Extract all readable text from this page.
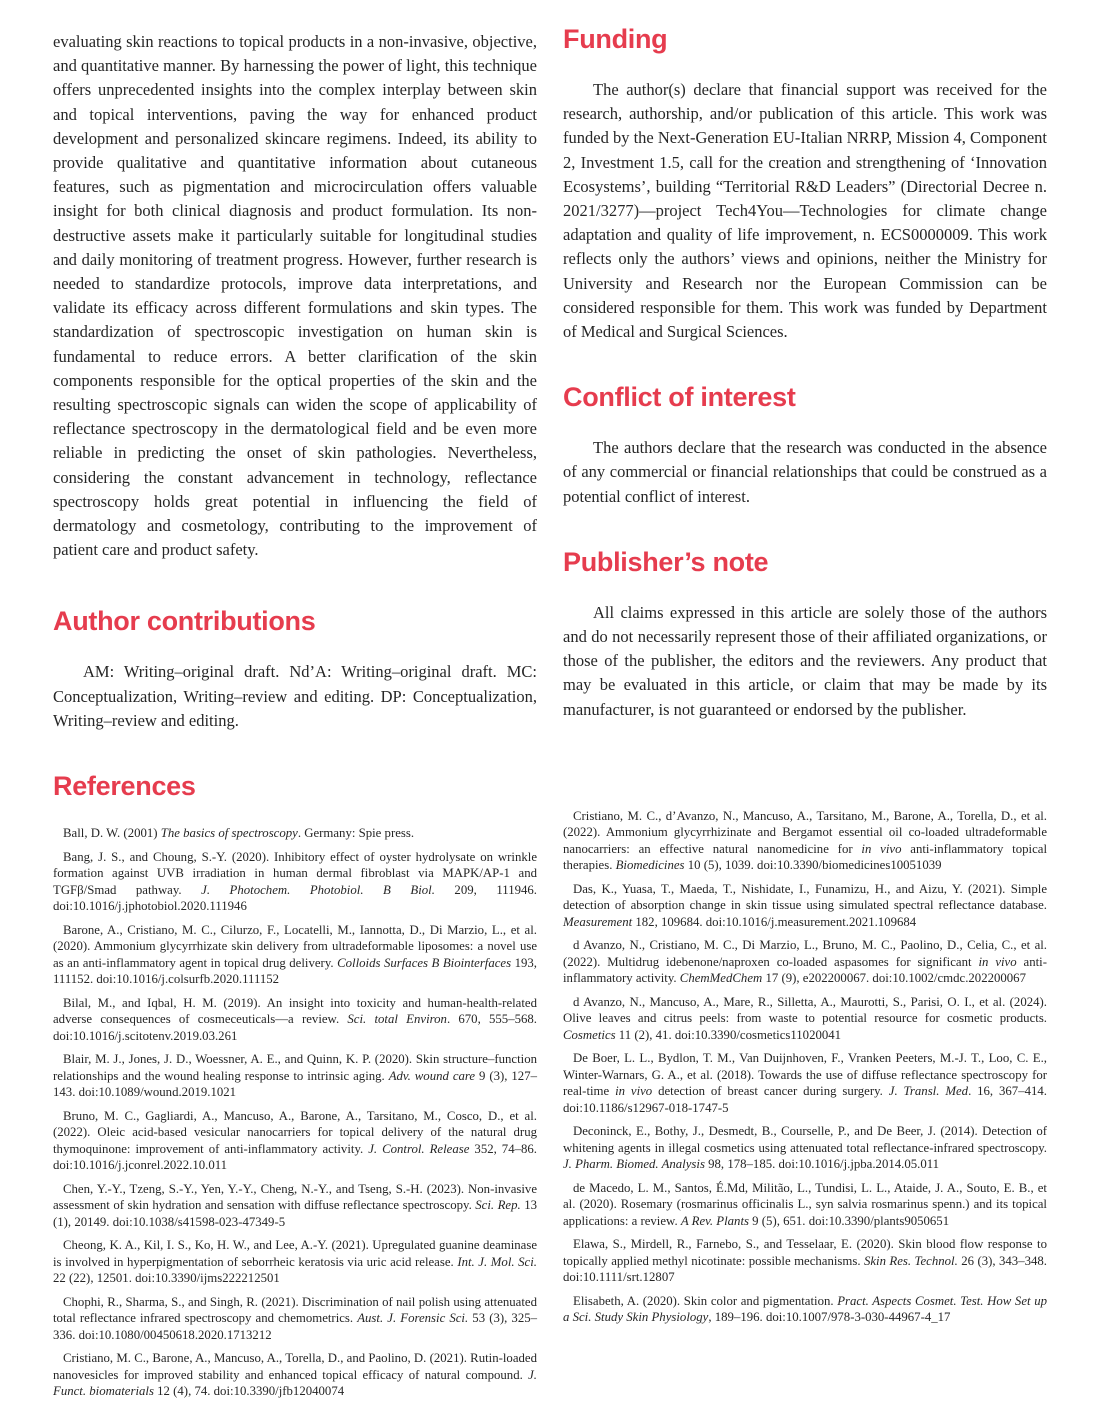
evaluating skin reactions to topical products in a non-invasive, objective, and quantitative manner. By harnessing the power of light, this technique offers unprecedented insights into the complex interplay between skin and topical interventions, paving the way for enhanced product development and personalized skincare regimens. Indeed, its ability to provide qualitative and quantitative information about cutaneous features, such as pigmentation and microcirculation offers valuable insight for both clinical diagnosis and product formulation. Its non-destructive assets make it particularly suitable for longitudinal studies and daily monitoring of treatment progress. However, further research is needed to standardize protocols, improve data interpretations, and validate its efficacy across different formulations and skin types. The standardization of spectroscopic investigation on human skin is fundamental to reduce errors. A better clarification of the skin components responsible for the optical properties of the skin and the resulting spectroscopic signals can widen the scope of applicability of reflectance spectroscopy in the dermatological field and be even more reliable in predicting the onset of skin pathologies. Nevertheless, considering the constant advancement in technology, reflectance spectroscopy holds great potential in influencing the field of dermatology and cosmetology, contributing to the improvement of patient care and product safety.

Author contributions

AM: Writing–original draft. Nd’A: Writing–original draft. MC: Conceptualization, Writing–review and editing. DP: Conceptualization, Writing–review and editing.

References

Ball, D. W. (2001) The basics of spectroscopy. Germany: Spie press.

Bang, J. S., and Choung, S.-Y. (2020). Inhibitory effect of oyster hydrolysate on wrinkle formation against UVB irradiation in human dermal fibroblast via MAPK/AP-1 and TGFβ/Smad pathway. J. Photochem. Photobiol. B Biol. 209, 111946. doi:10.1016/j.jphotobiol.2020.111946

Barone, A., Cristiano, M. C., Cilurzo, F., Locatelli, M., Iannotta, D., Di Marzio, L., et al. (2020). Ammonium glycyrrhizate skin delivery from ultradeformable liposomes: a novel use as an anti-inflammatory agent in topical drug delivery. Colloids Surfaces B Biointerfaces 193, 111152. doi:10.1016/j.colsurfb.2020.111152

Bilal, M., and Iqbal, H. M. (2019). An insight into toxicity and human-health-related adverse consequences of cosmeceuticals—a review. Sci. total Environ. 670, 555–568. doi:10.1016/j.scitotenv.2019.03.261

Blair, M. J., Jones, J. D., Woessner, A. E., and Quinn, K. P. (2020). Skin structure–function relationships and the wound healing response to intrinsic aging. Adv. wound care 9 (3), 127–143. doi:10.1089/wound.2019.1021

Bruno, M. C., Gagliardi, A., Mancuso, A., Barone, A., Tarsitano, M., Cosco, D., et al. (2022). Oleic acid-based vesicular nanocarriers for topical delivery of the natural drug thymoquinone: improvement of anti-inflammatory activity. J. Control. Release 352, 74–86. doi:10.1016/j.jconrel.2022.10.011

Chen, Y.-Y., Tzeng, S.-Y., Yen, Y.-Y., Cheng, N.-Y., and Tseng, S.-H. (2023). Non-invasive assessment of skin hydration and sensation with diffuse reflectance spectroscopy. Sci. Rep. 13 (1), 20149. doi:10.1038/s41598-023-47349-5

Cheong, K. A., Kil, I. S., Ko, H. W., and Lee, A.-Y. (2021). Upregulated guanine deaminase is involved in hyperpigmentation of seborrheic keratosis via uric acid release. Int. J. Mol. Sci. 22 (22), 12501. doi:10.3390/ijms222212501

Chophi, R., Sharma, S., and Singh, R. (2021). Discrimination of nail polish using attenuated total reflectance infrared spectroscopy and chemometrics. Aust. J. Forensic Sci. 53 (3), 325–336. doi:10.1080/00450618.2020.1713212

Cristiano, M. C., Barone, A., Mancuso, A., Torella, D., and Paolino, D. (2021). Rutin-loaded nanovesicles for improved stability and enhanced topical efficacy of natural compound. J. Funct. biomaterials 12 (4), 74. doi:10.3390/jfb12040074

Funding

The author(s) declare that financial support was received for the research, authorship, and/or publication of this article. This work was funded by the Next-Generation EU-Italian NRRP, Mission 4, Component 2, Investment 1.5, call for the creation and strengthening of ‘Innovation Ecosystems’, building “Territorial R&D Leaders” (Directorial Decree n. 2021/3277)—project Tech4You—Technologies for climate change adaptation and quality of life improvement, n. ECS0000009. This work reflects only the authors’ views and opinions, neither the Ministry for University and Research nor the European Commission can be considered responsible for them. This work was funded by Department of Medical and Surgical Sciences.

Conflict of interest

The authors declare that the research was conducted in the absence of any commercial or financial relationships that could be construed as a potential conflict of interest.

Publisher’s note

All claims expressed in this article are solely those of the authors and do not necessarily represent those of their affiliated organizations, or those of the publisher, the editors and the reviewers. Any product that may be evaluated in this article, or claim that may be made by its manufacturer, is not guaranteed or endorsed by the publisher.

Cristiano, M. C., d’Avanzo, N., Mancuso, A., Tarsitano, M., Barone, A., Torella, D., et al. (2022). Ammonium glycyrrhizinate and Bergamot essential oil co-loaded ultradeformable nanocarriers: an effective natural nanomedicine for in vivo anti-inflammatory topical therapies. Biomedicines 10 (5), 1039. doi:10.3390/biomedicines10051039

Das, K., Yuasa, T., Maeda, T., Nishidate, I., Funamizu, H., and Aizu, Y. (2021). Simple detection of absorption change in skin tissue using simulated spectral reflectance database. Measurement 182, 109684. doi:10.1016/j.measurement.2021.109684

d Avanzo, N., Cristiano, M. C., Di Marzio, L., Bruno, M. C., Paolino, D., Celia, C., et al. (2022). Multidrug idebenone/naproxen co-loaded aspasomes for significant in vivo anti-inflammatory activity. ChemMedChem 17 (9), e202200067. doi:10.1002/cmdc.202200067

d Avanzo, N., Mancuso, A., Mare, R., Silletta, A., Maurotti, S., Parisi, O. I., et al. (2024). Olive leaves and citrus peels: from waste to potential resource for cosmetic products. Cosmetics 11 (2), 41. doi:10.3390/cosmetics11020041

De Boer, L. L., Bydlon, T. M., Van Duijnhoven, F., Vranken Peeters, M.-J. T., Loo, C. E., Winter-Warnars, G. A., et al. (2018). Towards the use of diffuse reflectance spectroscopy for real-time in vivo detection of breast cancer during surgery. J. Transl. Med. 16, 367–414. doi:10.1186/s12967-018-1747-5

Deconinck, E., Bothy, J., Desmedt, B., Courselle, P., and De Beer, J. (2014). Detection of whitening agents in illegal cosmetics using attenuated total reflectance-infrared spectroscopy. J. Pharm. Biomed. Analysis 98, 178–185. doi:10.1016/j.jpba.2014.05.011

de Macedo, L. M., Santos, É.Md, Militão, L., Tundisi, L. L., Ataide, J. A., Souto, E. B., et al. (2020). Rosemary (rosmarinus officinalis L., syn salvia rosmarinus spenn.) and its topical applications: a review. A Rev. Plants 9 (5), 651. doi:10.3390/plants9050651

Elawa, S., Mirdell, R., Farnebo, S., and Tesselaar, E. (2020). Skin blood flow response to topically applied methyl nicotinate: possible mechanisms. Skin Res. Technol. 26 (3), 343–348. doi:10.1111/srt.12807

Elisabeth, A. (2020). Skin color and pigmentation. Pract. Aspects Cosmet. Test. How Set up a Sci. Study Skin Physiology, 189–196. doi:10.1007/978-3-030-44967-4_17
